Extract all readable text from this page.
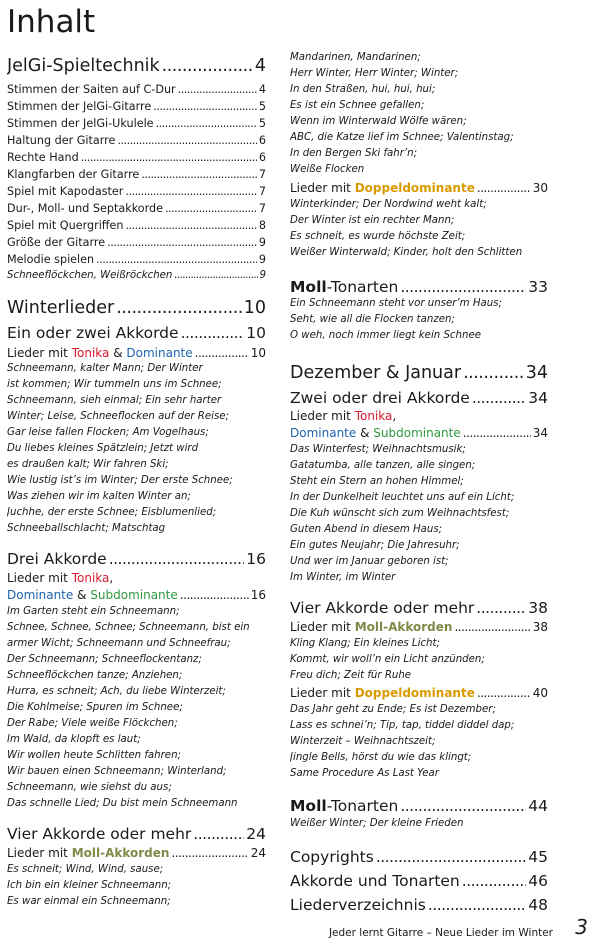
Inhalt
JelGi-Spieltechnik .....	4
Stimmen der Saiten auf C-Dur .....	4
Stimmen der JelGi-Gitarre .....	5
Stimmen der JelGi-Ukulele .....	5
Haltung der Gitarre .....	6
Rechte Hand .....	6
Klangfarben der Gitarre .....	7
Spiel mit Kapodaster .....	7
Dur-, Moll- und Septakkorde .....	7
Spiel mit Quergriffen .....	8
Größe der Gitarre .....	9
Melodie spielen .....	9
Schneeflöckchen, Weißröckchen .....	9
Winterlieder .....	10
Ein oder zwei Akkorde .....	10
Lieder mit Tonika & Dominante .....	10
Schneemann, kalter Mann; Der Winter
ist kommen; Wir tummeln uns im Schnee;
Schneemann, sieh einmal; Ein sehr harter
Winter; Leise, Schneeflocken auf der Reise;
Gar leise fallen Flocken; Am Vogelhaus;
Du liebes kleines Spätzlein; Jetzt wird
es draußen kalt; Wir fahren Ski;
Wie lustig ist’s im Winter; Der erste Schnee;
Was ziehen wir im kalten Winter an;
Juchhe, der erste Schnee; Eisblumenlied;
Schneeballschlacht; Matschtag
Drei Akkorde .....	16
Lieder mit Tonika,
Dominante & Subdominante .....	16
Im Garten steht ein Schneemann;
Schnee, Schnee, Schnee; Schneemann, bist ein
armer Wicht; Schneemann und Schneefrau;
Der Schneemann; Schneeflockentanz;
Schneeflöckchen tanze; Anziehen;
Hurra, es schneit; Ach, du liebe Winterzeit;
Die Kohlmeise; Spuren im Schnee;
Der Rabe; Viele weiße Flöckchen;
Im Wald, da klopft es laut;
Wir wollen heute Schlitten fahren;
Wir bauen einen Schneemann; Winterland;
Schneemann, wie siehst du aus;
Das schnelle Lied; Du bist mein Schneemann
Vier Akkorde oder mehr .....	24
Lieder mit Moll-Akkorden .....	24
Es schneit; Wind, Wind, sause;
Ich bin ein kleiner Schneemann;
Es war einmal ein Schneemann;
Mandarinen, Mandarinen;
Herr Winter, Herr Winter; Winter;
In den Straßen, hui, hui, hui;
Es ist ein Schnee gefallen;
Wenn im Winterwald Wölfe wären;
ABC, die Katze lief im Schnee; Valentinstag;
In den Bergen Ski fahr’n;
Weiße Flocken
Lieder mit Doppeldominante .....	30
Winterkinder; Der Nordwind weht kalt;
Der Winter ist ein rechter Mann;
Es schneit, es wurde höchste Zeit;
Weißer Winterwald; Kinder, holt den Schlitten
Moll-Tonarten .....	33
Ein Schneemann steht vor unser’m Haus;
Seht, wie all die Flocken tanzen;
O weh, noch immer liegt kein Schnee
Dezember & Januar .....	34
Zwei oder drei Akkorde .....	34
Lieder mit Tonika,
Dominante & Subdominante .....	34
Das Winterfest; Weihnachtsmusik;
Gatatumba, alle tanzen, alle singen;
Steht ein Stern an hohen Himmel;
In der Dunkelheit leuchtet uns auf ein Licht;
Die Kuh wünscht sich zum Weihnachtsfest;
Guten Abend in diesem Haus;
Ein gutes Neujahr; Die Jahresuhr;
Und wer im Januar geboren ist;
Im Winter, im Winter
Vier Akkorde oder mehr .....	38
Lieder mit Moll-Akkorden .....	38
Kling Klang; Ein kleines Licht;
Kommt, wir woll’n ein Licht anzünden;
Freu dich; Zeit für Ruhe
Lieder mit Doppeldominante .....	40
Das Jahr geht zu Ende; Es ist Dezember;
Lass es schnei’n; Tip, tap, tiddel diddel dap;
Winterzeit – Weihnachtszeit;
Jingle Bells, hörst du wie das klingt;
Same Procedure As Last Year
Moll-Tonarten .....	44
Weißer Winter; Der kleine Frieden
Copyrights .....	45
Akkorde und Tonarten .....	46
Liederverzeichnis .....	48
Jeder lernt Gitarre – Neue Lieder im Winter 3
